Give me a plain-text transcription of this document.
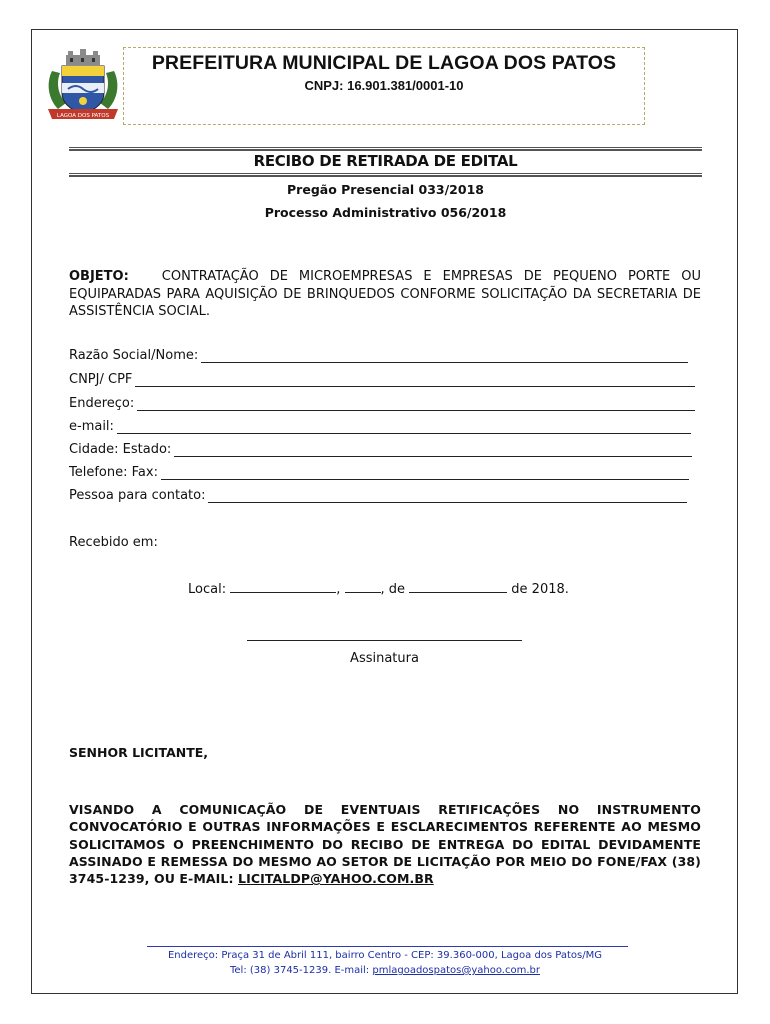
LAGOA DOS PATOS
PREFEITURA MUNICIPAL DE LAGOA DOS PATOS
CNPJ: 16.901.381/0001-10
RECIBO DE RETIRADA DE EDITAL
Pregão Presencial 033/2018
Processo Administrativo 056/2018
OBJETO:	CONTRATAÇÃO DE MICROEMPRESAS E EMPRESAS DE PEQUENO PORTE OU EQUIPARADAS PARA AQUISIÇÃO DE BRINQUEDOS CONFORME SOLICITAÇÃO DA SECRETARIA DE ASSISTÊNCIA SOCIAL.
Razão Social/Nome:
CNPJ/ CPF
Endereço:
e-mail:
Cidade: Estado:
Telefone: Fax:
Pessoa para contato:
Recebido em:
Local:	,	, de	de 2018.
Assinatura
SENHOR LICITANTE,
VISANDO A COMUNICAÇÃO DE EVENTUAIS RETIFICAÇÕES NO INSTRUMENTO CONVOCATÓRIO E OUTRAS INFORMAÇÕES E ESCLARECIMENTOS REFERENTE AO MESMO SOLICITAMOS O PREENCHIMENTO DO RECIBO DE ENTREGA DO EDITAL DEVIDAMENTE ASSINADO E REMESSA DO MESMO AO SETOR DE LICITAÇÃO POR MEIO DO FONE/FAX (38) 3745-1239, OU E-MAIL: LICITALDP@YAHOO.COM.BR
Endereço: Praça 31 de Abril 111, bairro Centro - CEP: 39.360-000, Lagoa dos Patos/MG
Tel: (38) 3745-1239. E-mail: pmlagoadospatos@yahoo.com.br
